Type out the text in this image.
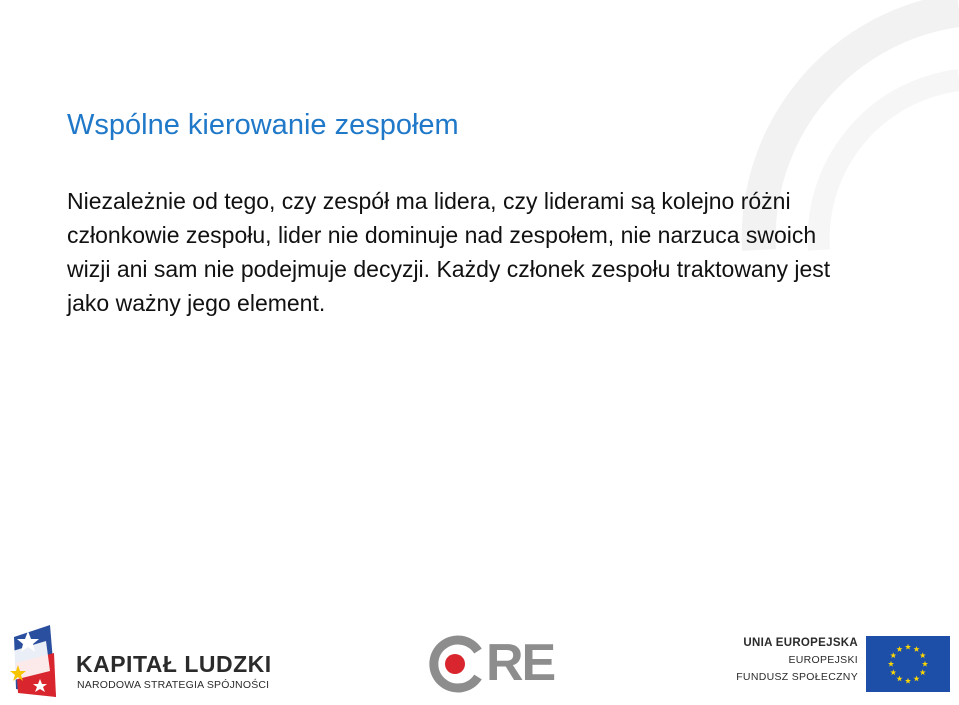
Wspólne kierowanie zespołem

Niezależnie od tego, czy zespół ma lidera, czy liderami są kolejno różni członkowie zespołu, lider nie dominuje nad zespołem, nie narzuca swoich wizji ani sam nie podejmuje decyzji. Każdy członek zespołu traktowany jest jako ważny jego element.

KAPITAŁ LUDZKI
NARODOWA STRATEGIA SPÓJNOŚCI	RE	UNIA EUROPEJSKA
EUROPEJSKI
FUNDUSZ SPOŁECZNY
